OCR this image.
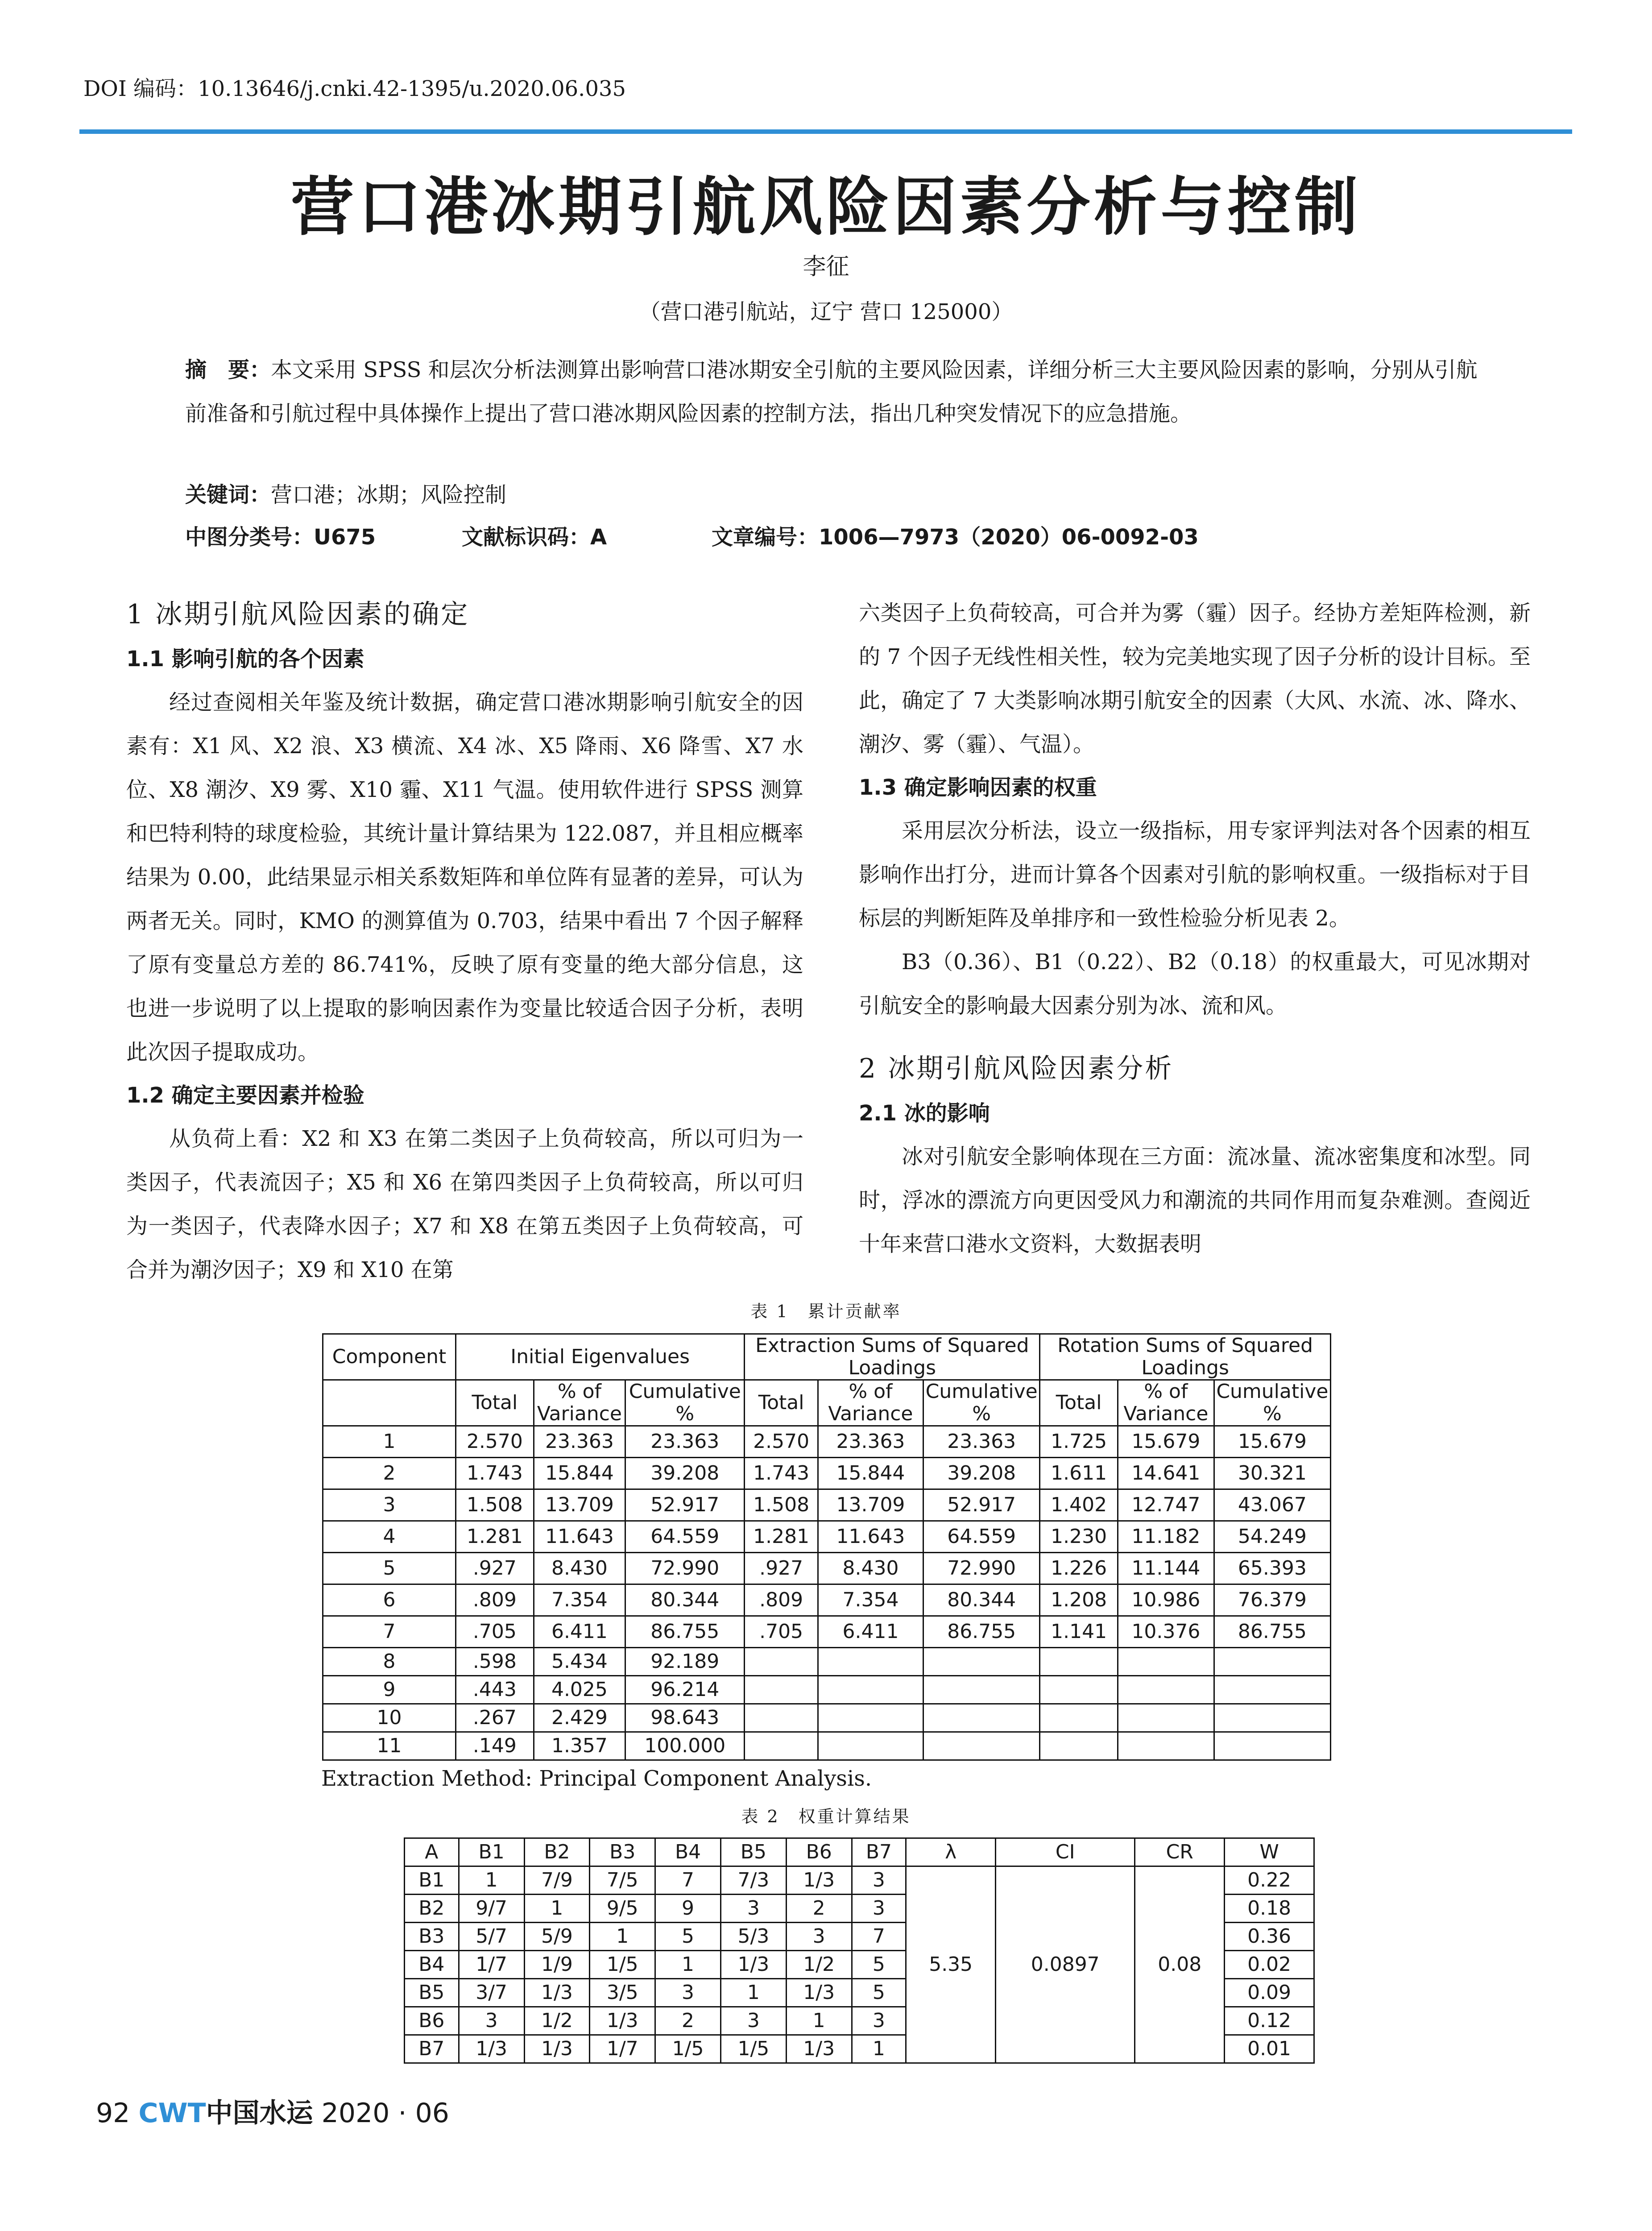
DOI 编码：10.13646/j.cnki.42-1395/u.2020.06.035
营口港冰期引航风险因素分析与控制
李征
（营口港引航站，辽宁 营口 125000）
摘　要：本文采用 SPSS 和层次分析法测算出影响营口港冰期安全引航的主要风险因素，详细分析三大主要风险因素的影响，分别从引航前准备和引航过程中具体操作上提出了营口港冰期风险因素的控制方法，指出几种突发情况下的应急措施。
关键词：营口港；冰期；风险控制
中图分类号：U675	文献标识码：A	文章编号：1006—7973（2020）06-0092-03
1 冰期引航风险因素的确定
1.1 影响引航的各个因素

经过查阅相关年鉴及统计数据，确定营口港冰期影响引航安全的因素有：X1 风、X2 浪、X3 横流、X4 冰、X5 降雨、X6 降雪、X7 水位、X8 潮汐、X9 雾、X10 霾、X11 气温。使用软件进行 SPSS 测算和巴特利特的球度检验，其统计量计算结果为 122.087，并且相应概率结果为 0.00，此结果显示相关系数矩阵和单位阵有显著的差异，可认为两者无关。同时，KMO 的测算值为 0.703，结果中看出 7 个因子解释了原有变量总方差的 86.741%，反映了原有变量的绝大部分信息，这也进一步说明了以上提取的影响因素作为变量比较适合因子分析，表明此次因子提取成功。

1.2 确定主要因素并检验

从负荷上看：X2 和 X3 在第二类因子上负荷较高，所以可归为一类因子，代表流因子；X5 和 X6 在第四类因子上负荷较高，所以可归为一类因子，代表降水因子；X7 和 X8 在第五类因子上负荷较高，可合并为潮汐因子；X9 和 X10 在第

六类因子上负荷较高，可合并为雾（霾）因子。经协方差矩阵检测，新的 7 个因子无线性相关性，较为完美地实现了因子分析的设计目标。至此，确定了 7 大类影响冰期引航安全的因素（大风、水流、冰、降水、潮汐、雾（霾）、气温）。

1.3 确定影响因素的权重

采用层次分析法，设立一级指标，用专家评判法对各个因素的相互影响作出打分，进而计算各个因素对引航的影响权重。一级指标对于目标层的判断矩阵及单排序和一致性检验分析见表 2。

B3（0.36）、B1（0.22）、B2（0.18）的权重最大，可见冰期对引航安全的影响最大因素分别为冰、流和风。

2 冰期引航风险因素分析
2.1 冰的影响

冰对引航安全影响体现在三方面：流冰量、流冰密集度和冰型。同时，浮冰的漂流方向更因受风力和潮流的共同作用而复杂难测。查阅近十年来营口港水文资料，大数据表明

表 1　累计贡献率
Component	Initial Eigenvalues			Extraction Sums of Squared Loadings			Rotation Sums of Squared Loadings		
	Total	% of Variance	Cumulative %	Total	% of Variance	Cumulative %	Total	% of Variance	Cumulative %
1	2.570	23.363	23.363	2.570	23.363	23.363	1.725	15.679	15.679
2	1.743	15.844	39.208	1.743	15.844	39.208	1.611	14.641	30.321
3	1.508	13.709	52.917	1.508	13.709	52.917	1.402	12.747	43.067
4	1.281	11.643	64.559	1.281	11.643	64.559	1.230	11.182	54.249
5	.927	8.430	72.990	.927	8.430	72.990	1.226	11.144	65.393
6	.809	7.354	80.344	.809	7.354	80.344	1.208	10.986	76.379
7	.705	6.411	86.755	.705	6.411	86.755	1.141	10.376	86.755
8	.598	5.434	92.189						
9	.443	4.025	96.214						
10	.267	2.429	98.643						
11	.149	1.357	100.000						
Extraction Method: Principal Component Analysis.
表 2　权重计算结果
A	B1	B2	B3	B4	B5	B6	B7	λ	CI	CR	W
B1	1	7/9	7/5	7	7/3	1/3	3	5.35	0.0897	0.08	0.22
B2	9/7	1	9/5	9	3	2	3				0.18
B3	5/7	5/9	1	5	5/3	3	7				0.36
B4	1/7	1/9	1/5	1	1/3	1/2	5				0.02
B5	3/7	1/3	3/5	3	1	1/3	5				0.09
B6	3	1/2	1/3	2	3	1	3				0.12
B7	1/3	1/3	1/7	1/5	1/5	1/3	1				0.01
92 CWT中国水运 2020 · 06
